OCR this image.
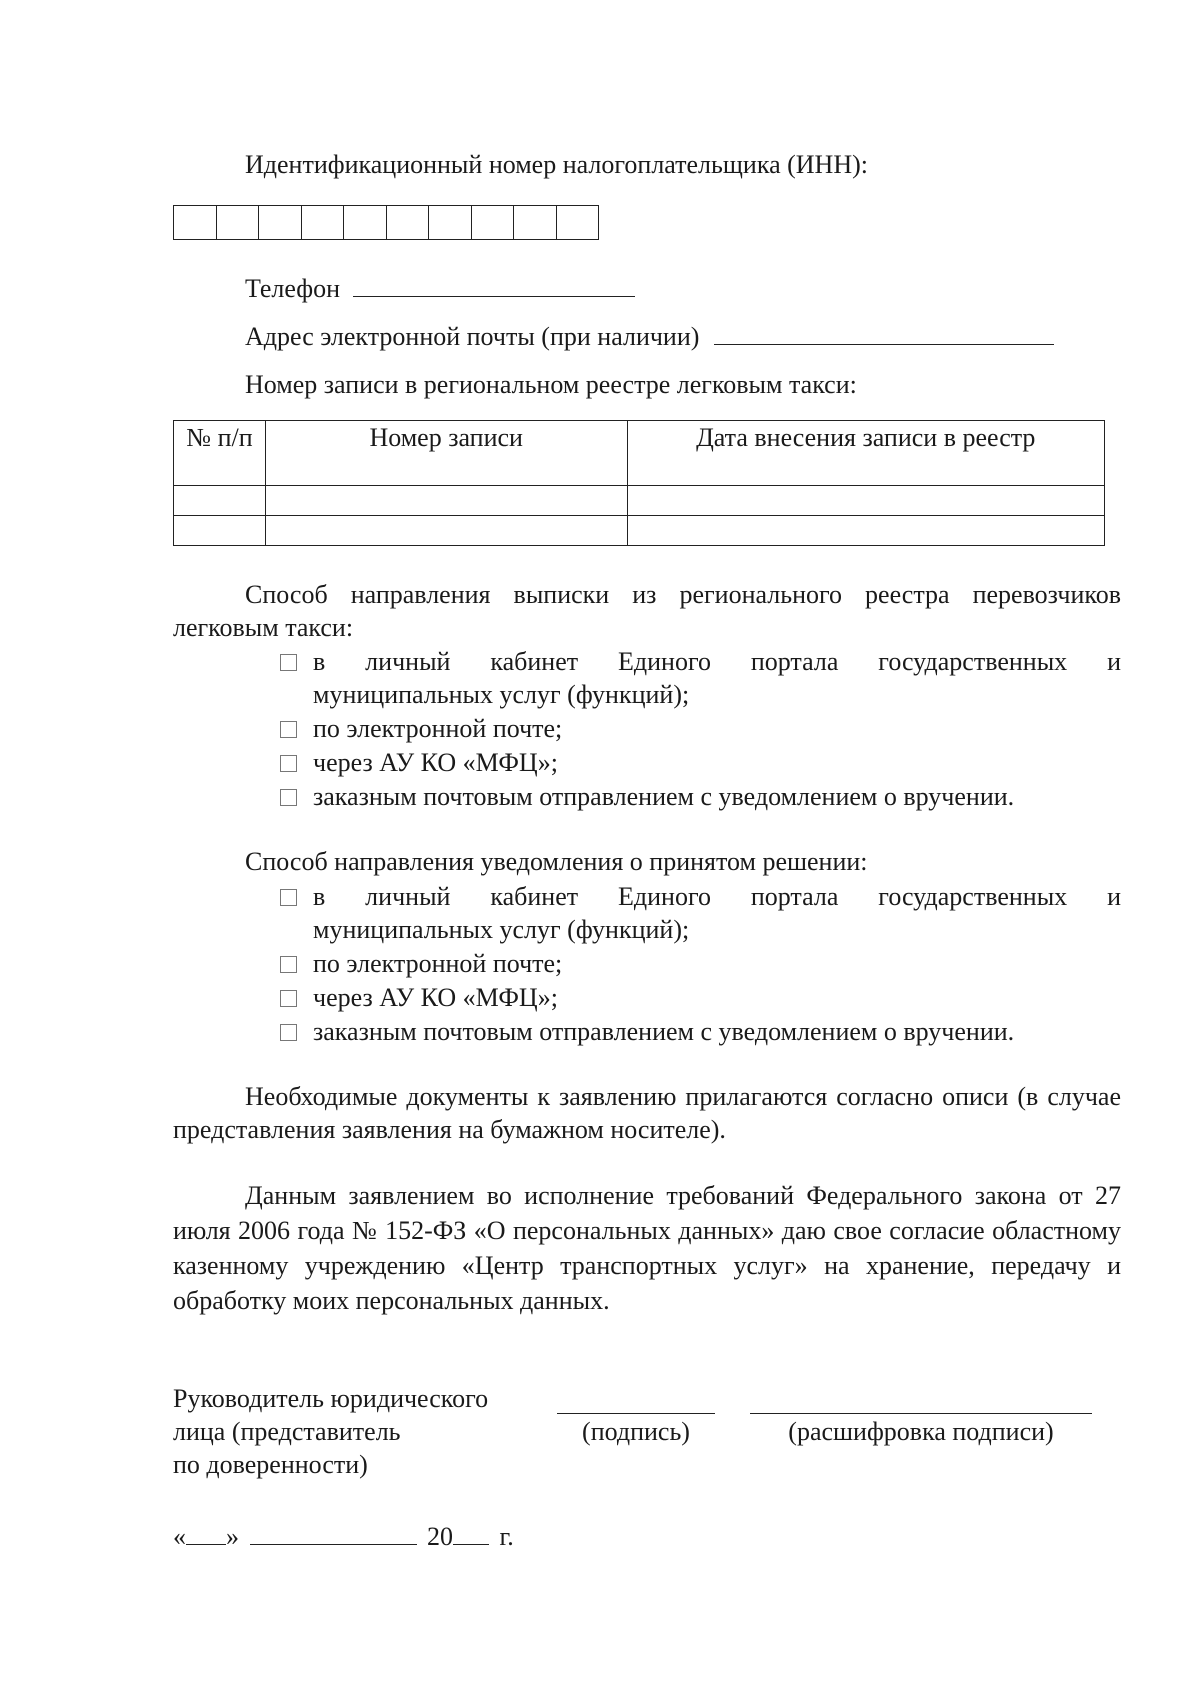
Идентификационный номер налогоплательщика (ИНН):
Телефон
Адрес электронной почты (при наличии)
Номер записи в региональном реестре легковым такси:
№ п/п	Номер записи	Дата внесения записи в реестр

Способ направления выписки из регионального реестра перевозчиков легковым такси:

в личный кабинет Единого портала государственных и
муниципальных услуг (функций);
по электронной почте;
через АУ КО «МФЦ»;
заказным почтовым отправлением с уведомлением о вручении.
Способ направления уведомления о принятом решении:
в личный кабинет Единого портала государственных и
муниципальных услуг (функций);
по электронной почте;
через АУ КО «МФЦ»;
заказным почтовым отправлением с уведомлением о вручении.

Необходимые документы к заявлению прилагаются согласно описи (в случае представления заявления на бумажном носителе).

Данным заявлением во исполнение требований Федерального закона от 27 июля 2006 года № 152-ФЗ «О персональных данных» даю свое согласие областному казенному учреждению «Центр транспортных услуг» на хранение, передачу и обработку моих персональных данных.

Руководитель юридического
лица (представитель
по доверенности)
(подпись)	(расшифровка подписи)
« »	20 г.
